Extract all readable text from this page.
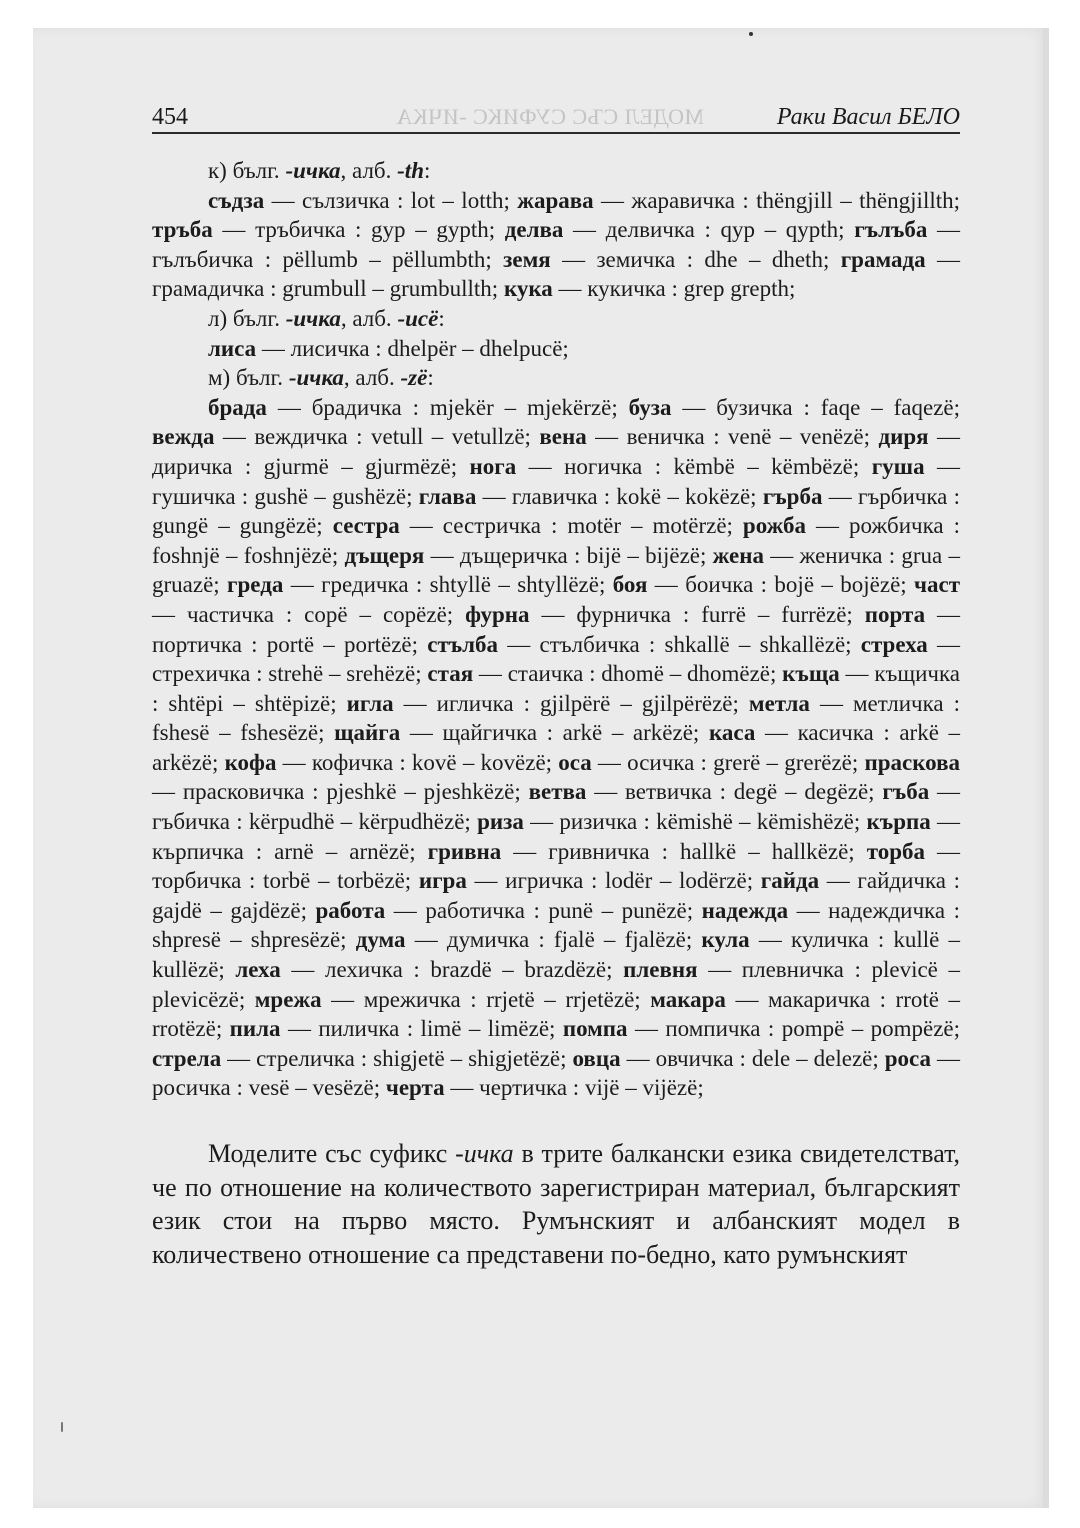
454	МОДЕЛ СЪС СУФИКС -ИЧКА	Раки Васил БЕЛО

к) бълг. -ичка, алб. -th:

съдза — сълзичка : lot – lotth; жарава — жаравичка : thëngjill – thëngjillth; тръба — тръбичка : gyp – gypth; делва — делвичка : qyp – qypth; гълъба — гълъбичка : pëllumb – pëllumbth; земя — земичка : dhe – dheth; грамада — грамадичка : grumbull – grumbullth; кука — кукичка : grep grepth;

л) бълг. -ичка, алб. -ucë:

лиса — лисичка : dhelpër – dhelpucë;

м) бълг. -ичка, алб. -zë:

брада — брадичка : mjekër – mjekërzë; буза — бузичка : faqe – faqezë; вежда — веждичка : vetull – vetullzë; вена — веничка : venë – venëzë; диря — диричка : gjurmë – gjurmëzë; нога — ногичка : këmbë – këmbëzë; гуша — гушичка : gushë – gushëzë; глава — главичка : kokë – kokëzë; гърба — гърбичка : gungë – gungëzë; сестра — сестричка : motër – motërzë; рожба — рожбичка : foshnjë – foshnjëzë; дъщеря — дъщеричка : bijë – bijëzë; жена — женичка : grua – gruazë; греда — гредичка : shtyllë – shtyllëzë; боя — боичка : bojë – bojëzë; част — частичка : copë – copëzë; фурна — фурничка : furrë – furrëzë; порта — портичка : portë – portëzë; стълба — стълбичка : shkallë – shkallëzë; стреха — стрехичка : strehë – srehëzë; стая — стаичка : dhomë – dhomëzë; къща — къщичка : shtëpi – shtëpizë; игла — игличка : gjilpërë – gjilpërëzë; метла — метличка : fshesë – fshesëzë; щайга — щайгичка : arkë – arkëzë; каса — касичка : arkë – arkëzë; кофа — кофичка : kovë – kovëzë; оса — осичка : grerë – grerëzë; праскова — прасковичка : pjeshkë – pjeshkëzë; ветва — ветвичка : degë – degëzë; гъба — гъбичка : kërpudhë – kërpudhëzë; риза — ризичка : këmishë – këmishëzë; кърпа — кърпичка : arnë – arnëzë; гривна — гривничка : hallkë – hallkëzë; торба — торбичка : torbë – torbëzë; игра — игричка : lodër – lodërzë; гайда — гайдичка : gajdë – gajdëzë; работа — работичка : punë – punëzë; надежда — надеждичка : shpresë – shpresëzë; дума — думичка : fjalë – fjalëzë; кула — куличка : kullë – kullëzë; леха — лехичка : brazdë – brazdëzë; плевня — плевничка : plevicë – plevicëzë; мрежа — мрежичка : rrjetë – rrjetëzë; макара — макаричка : rrotë – rrotëzë; пила — пиличка : limë – limëzë; помпа — помпичка : pompë – pompëzë; стрела — стреличка : shigjetë – shigjetëzë; овца — овчичка : dele – delezë; роса — росичка : vesë – vesëzë; черта — чертичка : vijë – vijëzë;

Моделите със суфикс -ичка в трите балкански езика свидетелстват, че по отношение на количеството зарегистриран материал, българският език стои на първо място. Румънският и албанският модел в количествено отношение са представени по-бедно, като румънският
